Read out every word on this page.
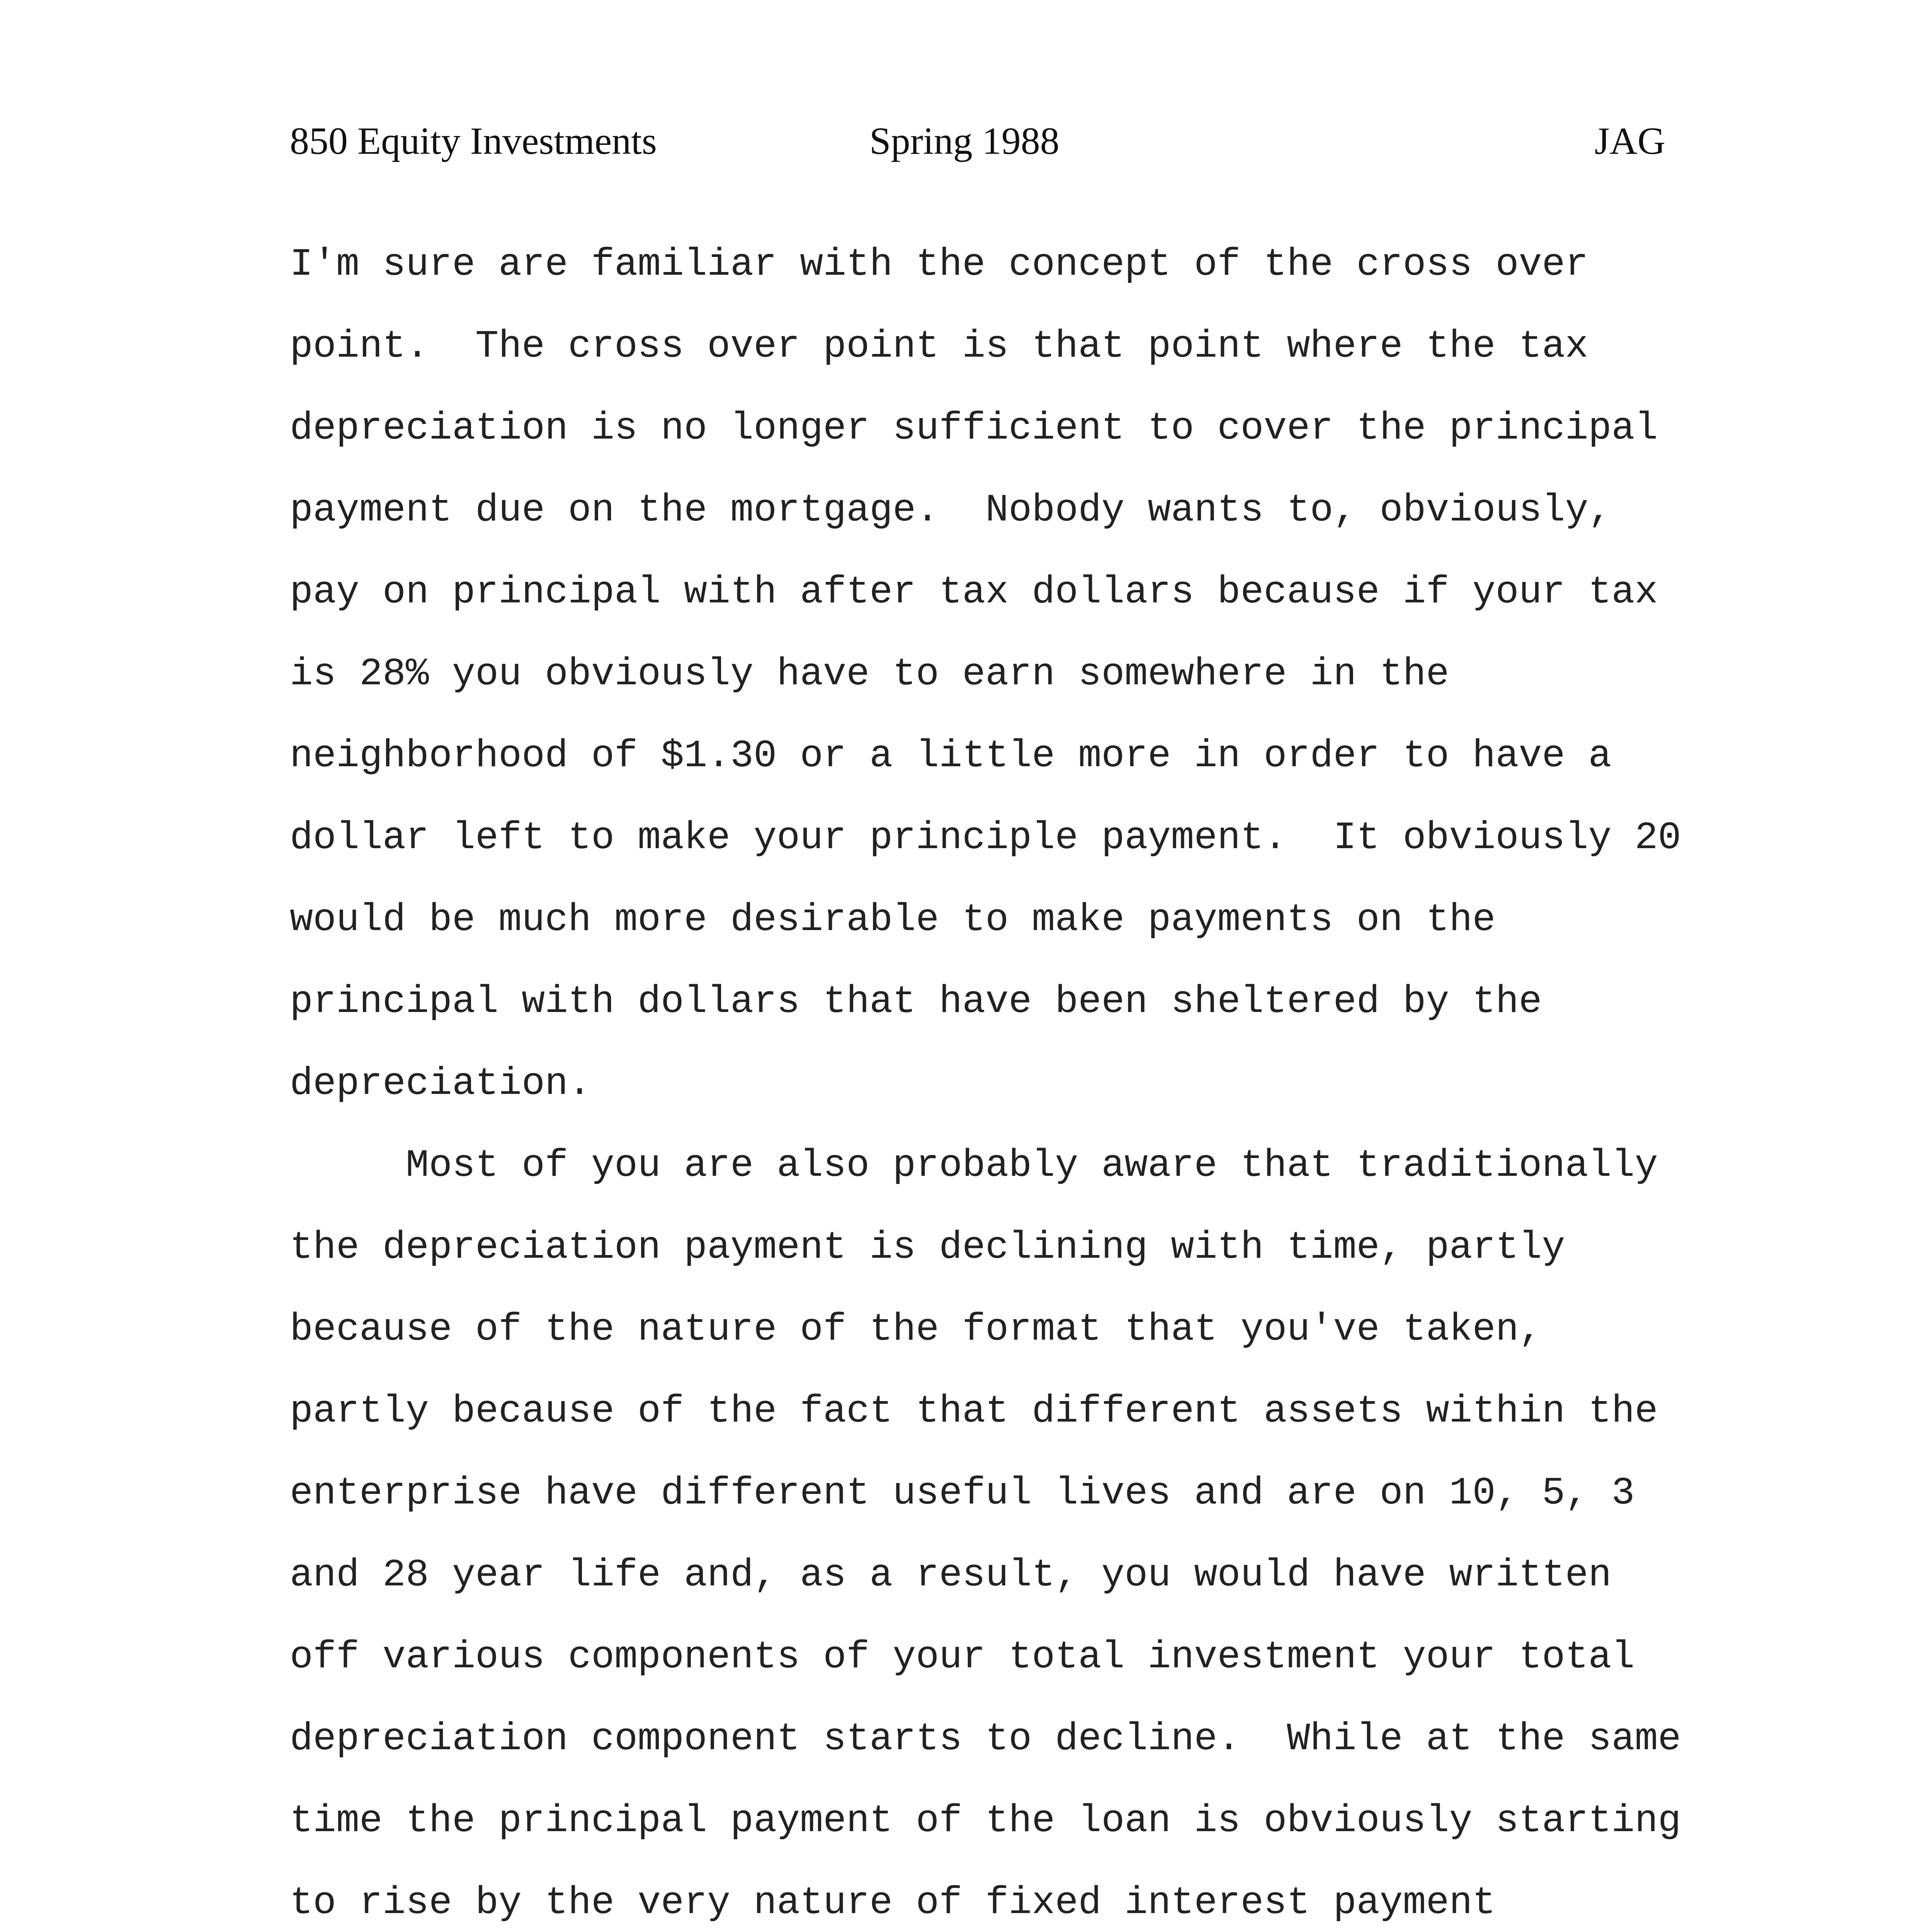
850 Equity Investments	Spring 1988	JAG
I'm sure are familiar with the concept of the cross over
point.  The cross over point is that point where the tax
depreciation is no longer sufficient to cover the principal
payment due on the mortgage.  Nobody wants to, obviously,
pay on principal with after tax dollars because if your tax
is 28% you obviously have to earn somewhere in the
neighborhood of $1.30 or a little more in order to have a
dollar left to make your principle payment.  It obviously 20
would be much more desirable to make payments on the
principal with dollars that have been sheltered by the
depreciation.
Most of you are also probably aware that traditionally
the depreciation payment is declining with time, partly
because of the nature of the format that you've taken,
partly because of the fact that different assets within the
enterprise have different useful lives and are on 10, 5, 3
and 28 year life and, as a result, you would have written
off various components of your total investment your total
depreciation component starts to decline.  While at the same
time the principal payment of the loan is obviously starting
to rise by the very nature of fixed interest payment
